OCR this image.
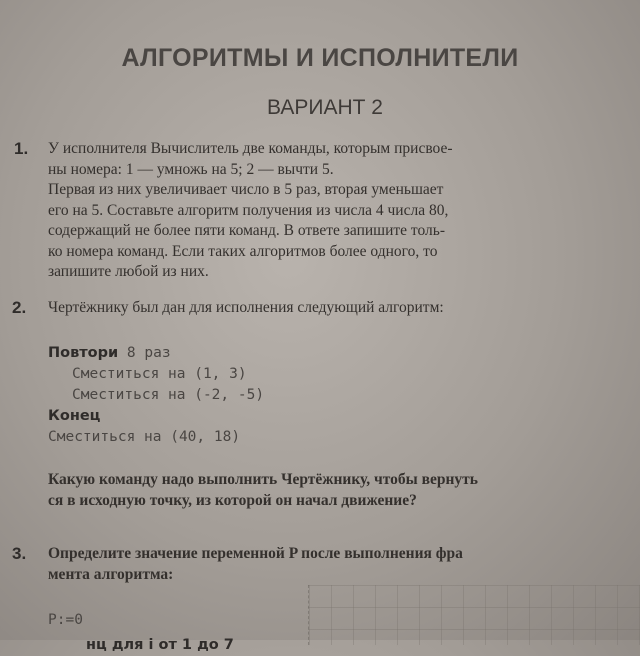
АЛГОРИТМЫ И ИСПОЛНИТЕЛИ
ВАРИАНТ 2
1. У исполнителя Вычислитель две команды, которым присвое-
ны номера: 1 — умножь на 5; 2 — вычти 5.
Первая из них увеличивает число в 5 раз, вторая уменьшает
его на 5. Составьте алгоритм получения из числа 4 числа 80,
содержащий не более пяти команд. В ответе запишите толь-
ко номера команд. Если таких алгоритмов более одного, то
запишите любой из них.
2. Чертёжнику был дан для исполнения следующий алгоритм:
Повтори 8 раз
Сместиться на (1, 3)
Сместиться на (-2, -5)
Конец
Сместиться на (40, 18)
Какую команду надо выполнить Чертёжнику, чтобы вернуть
ся в исходную точку, из которой он начал движение?
3. Определите значение переменной P после выполнения фра
мента алгоритма:
P:=0
нц для i от 1 до 7
